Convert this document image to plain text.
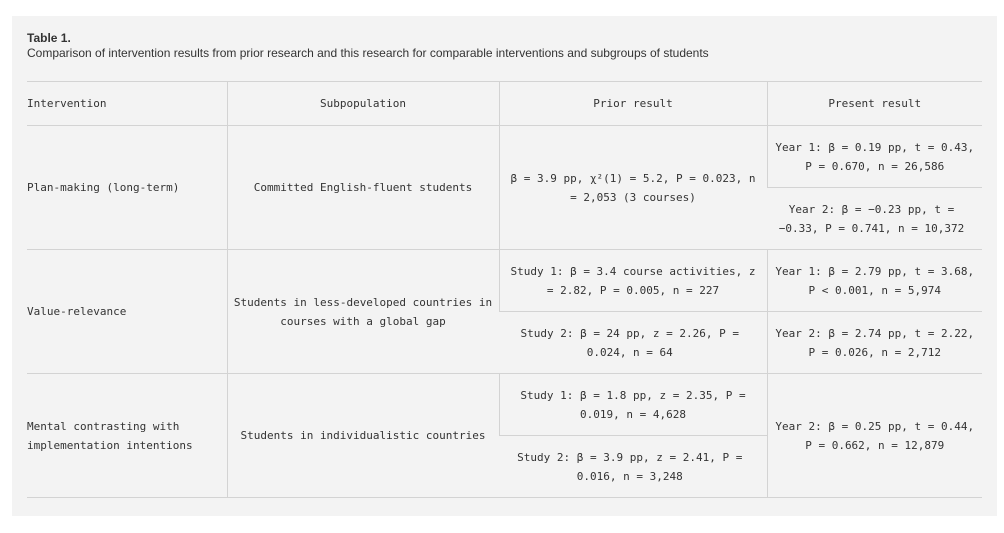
Table 1.
Comparison of intervention results from prior research and this research for comparable interventions and subgroups of students
Intervention	Subpopulation	Prior result	Present result
Plan-making (long-term)	Committed English-fluent students	β = 3.9 pp, χ²(1) = 5.2, P = 0.023, n = 2,053 (3 courses)	Year 1: β = 0.19 pp, t = 0.43, P = 0.670, n = 26,586
			Year 2: β = −0.23 pp, t = −0.33, P = 0.741, n = 10,372
Value-relevance	Students in less-developed countries in courses with a global gap	Study 1: β = 3.4 course activities, z = 2.82, P = 0.005, n = 227	Year 1: β = 2.79 pp, t = 3.68, P < 0.001, n = 5,974
		Study 2: β = 24 pp, z = 2.26, P = 0.024, n = 64	Year 2: β = 2.74 pp, t = 2.22, P = 0.026, n = 2,712
Mental contrasting with implementation intentions	Students in individualistic countries	Study 1: β = 1.8 pp, z = 2.35, P = 0.019, n = 4,628	Year 2: β = 0.25 pp, t = 0.44, P = 0.662, n = 12,879
		Study 2: β = 3.9 pp, z = 2.41, P = 0.016, n = 3,248	
